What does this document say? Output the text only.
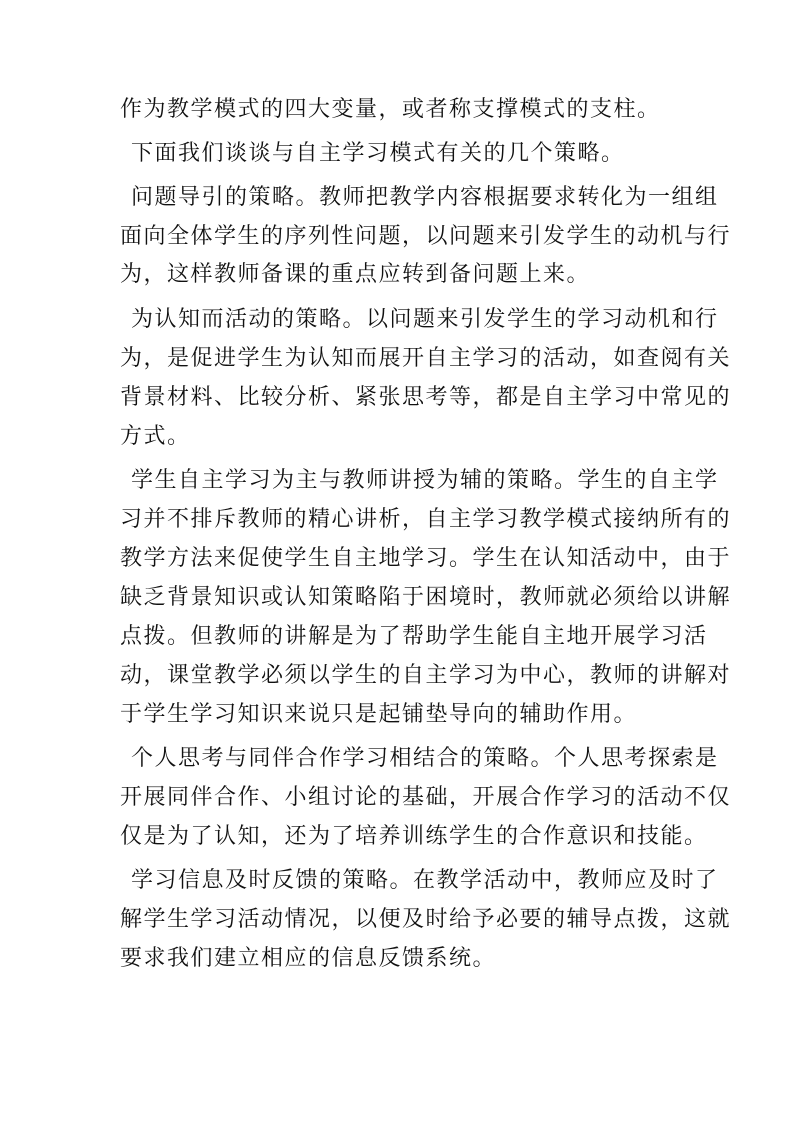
作为教学模式的四大变量，或者称支撑模式的支柱。
下面我们谈谈与自主学习模式有关的几个策略。
问题导引的策略。教师把教学内容根据要求转化为一组组
面向全体学生的序列性问题，以问题来引发学生的动机与行
为，这样教师备课的重点应转到备问题上来。
为认知而活动的策略。以问题来引发学生的学习动机和行
为，是促进学生为认知而展开自主学习的活动，如查阅有关
背景材料、比较分析、紧张思考等，都是自主学习中常见的
方式。
学生自主学习为主与教师讲授为辅的策略。学生的自主学
习并不排斥教师的精心讲析，自主学习教学模式接纳所有的
教学方法来促使学生自主地学习。学生在认知活动中，由于
缺乏背景知识或认知策略陷于困境时，教师就必须给以讲解
点拨。但教师的讲解是为了帮助学生能自主地开展学习活
动，课堂教学必须以学生的自主学习为中心，教师的讲解对
于学生学习知识来说只是起铺垫导向的辅助作用。
个人思考与同伴合作学习相结合的策略。个人思考探索是
开展同伴合作、小组讨论的基础，开展合作学习的活动不仅
仅是为了认知，还为了培养训练学生的合作意识和技能。
学习信息及时反馈的策略。在教学活动中，教师应及时了
解学生学习活动情况，以便及时给予必要的辅导点拨，这就
要求我们建立相应的信息反馈系统。
